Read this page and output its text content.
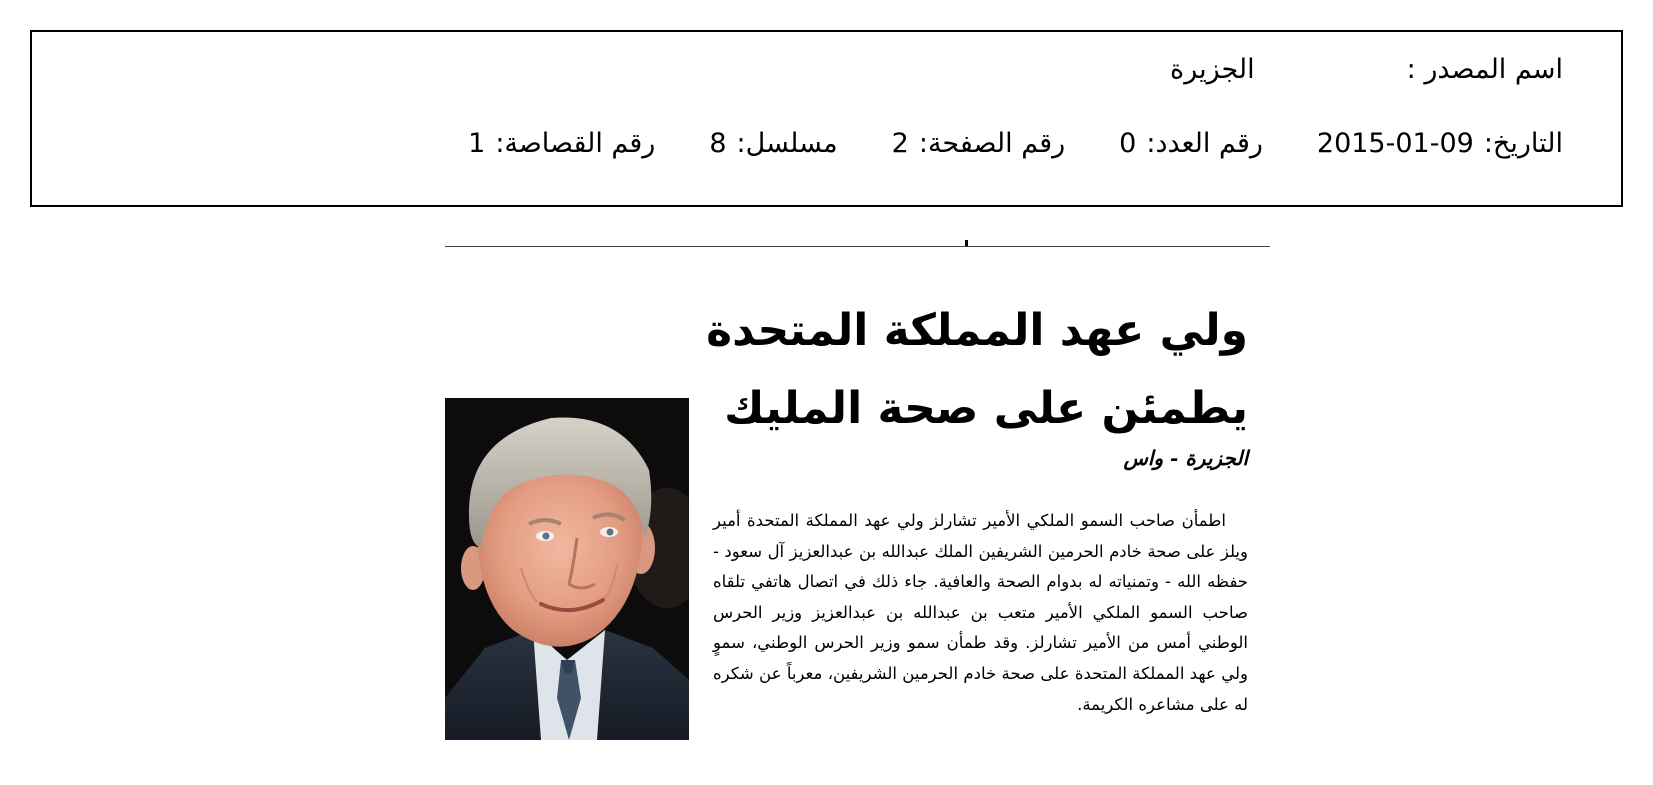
اسم المصدر :
الجزيرة
التاريخ:
2015-01-09
رقم العدد:
0
رقم الصفحة:
2
مسلسل:
8
رقم القصاصة:
1
ولي عهد المملكة المتحدة يطمئن على صحة المليك
الجزيرة - واس

اطمأن صاحب السمو الملكي الأمير تشارلز ولي عهد المملكة المتحدة أمير ويلز على صحة خادم الحرمين الشريفين الملك عبدالله بن عبدالعزيز آل سعود - حفظه الله - وتمنياته له بدوام الصحة والعافية. جاء ذلك في اتصال هاتفي تلقاه صاحب السمو الملكي الأمير متعب بن عبدالله بن عبدالعزيز وزير الحرس الوطني أمس من الأمير تشارلز. وقد طمأن سمو وزير الحرس الوطني، سموٍ ولي عهد المملكة المتحدة على صحة خادم الحرمين الشريفين، معرباً عن شكره له على مشاعره الكريمة.
